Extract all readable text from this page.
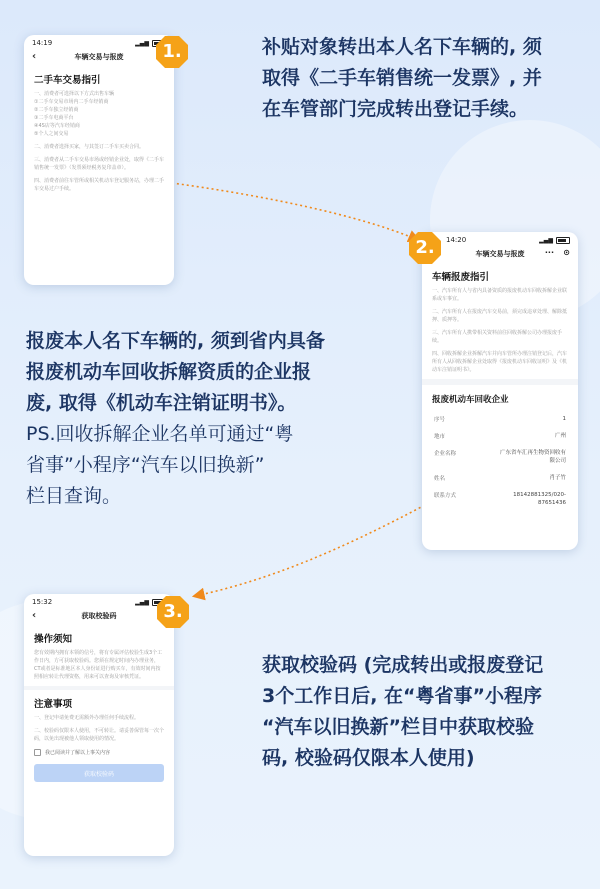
14:19	▂▄▆
‹	车辆交易与报废
二手车交易指引

一、消费者可选择以下方式出售车辆
①二手车交易市场内二手车经销商
②二手车独立经销商
③二手车电商平台
④4S店等汽车经销商
⑤个人之间交易

二、消费者选择买家，与其签订二手车买卖合同。

三、消费者从二手车交易市场或经销企业处，取得《二手车销售统一发票》（发票须经税务复印盖章）。

四、消费者前往车管所或相关机动车登记服务站，办理二手车交易过户手续。

1.	补贴对象转出本人名下车辆的, 须
取得《二手车销售统一发票》, 并
在车管部门完成转出登记手续。
14:20	▂▄▆
车辆交易与报废	··· ⊙
车辆报废指引

一、汽车所有人与省内具备资质的报废机动车回收拆解企业联系或车事宜。

二、汽车所有人在报废汽车交易前，须完成违章处理、解除抵押、质押等。

三、汽车所有人携带相关资料前往回收拆解公司办理报废手续。

四、回收拆解企业拆解汽车并向车管所办理注销登记后，汽车所有人从回收拆解企业处取得《报废机动车回收证明》及《机动车注销证明书》。

报废机动车回收企业
序号	1
地市	广州
企业名称	广东省车汇再生物资回收有限公司
姓名	肖子竹
联系方式	18142881325/020-87651436
2.
报废本人名下车辆的, 须到省内具备
报废机动车回收拆解资质的企业报
废, 取得《机动车注销证明书》。
PS.回收拆解企业名单可通过“粤
省事”小程序“汽车以旧换新”
栏目查询。
15:32	▂▄▆
‹	获取校验码
操作须知

您有效期内拥有本领的信号，将有专属评估校验生成3个工作日内，方可获取校验码。您须在规定时间内办理业务，CT或者是标准地区本人身份证进行购买车，有效时间内按照相应转让代理资格，用来可以查询及审核凭证。

注意事项

一、登记申请免费无需额外办理任何手续流程。

二、校验码仅限本人使用，不可转让。请妥善保管每一次个码，以免出现被他人领取使用的情况。

我已阅读并了解以上事关内容
获取校验码
3.
获取校验码 (完成转出或报废登记
3个工作日后, 在“粤省事”小程序
“汽车以旧换新”栏目中获取校验
码, 校验码仅限本人使用)
